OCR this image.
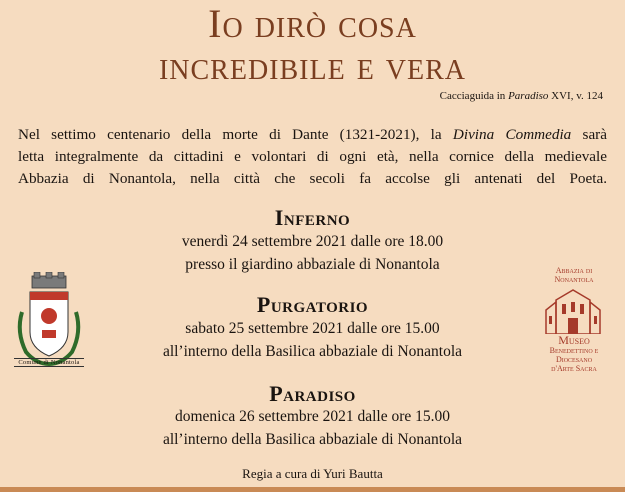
Io dirò cosa
incredibile e vera
Cacciaguida in Paradiso XVI, v. 124

Nel settimo centenario della morte di Dante (1321-2021), la Divina Commedia sarà

letta integralmente da cittadini e volontari di ogni età, nella cornice della medievale

Abbazia di Nonantola, nella città che secoli fa accolse gli antenati del Poeta.

Inferno

venerdì 24 settembre 2021 dalle ore 18.00

presso il giardino abbaziale di Nonantola

Purgatorio

sabato 25 settembre 2021 dalle ore 15.00

all’interno della Basilica abbaziale di Nonantola

Paradiso

domenica 26 settembre 2021 dalle ore 15.00

all’interno della Basilica abbaziale di Nonantola

Regia a cura di Yuri Bautta
Comune di Nonantola
Abbazia di
Nonantola
Museo
Benedettino e
Diocesano
d'Arte Sacra
